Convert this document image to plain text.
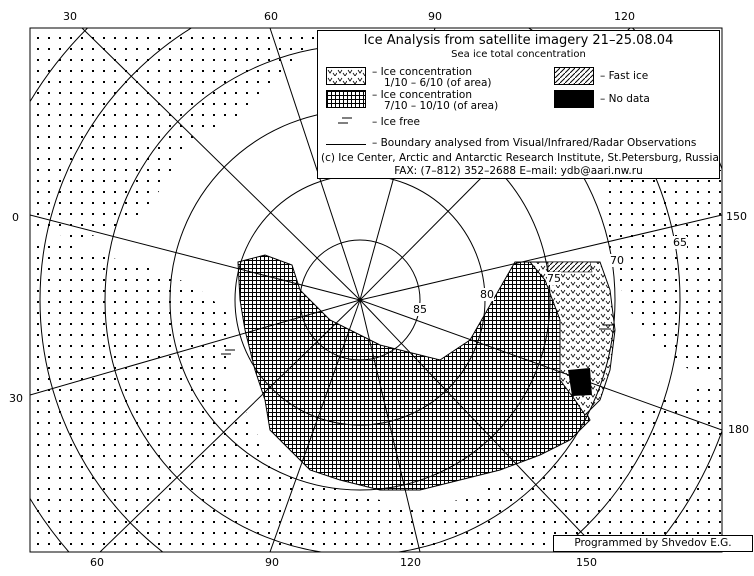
30	60	90	120
150
180
0
30
60	90	120	150
85
80
75
70
65
Ice Analysis from satellite imagery 21–25.08.04
Sea ice total concentration
– Ice concentration
1/10 – 6/10 (of area)
– Ice concentration
7/10 – 10/10 (of area)
– Ice free
– Fast ice
– No data
– Boundary analysed from Visual/Infrared/Radar Observations
(c) Ice Center, Arctic and Antarctic Research Institute, St.Petersburg, Russia
FAX: (7–812) 352–2688 E–mail: ydb@aari.nw.ru
Programmed by Shvedov E.G.
